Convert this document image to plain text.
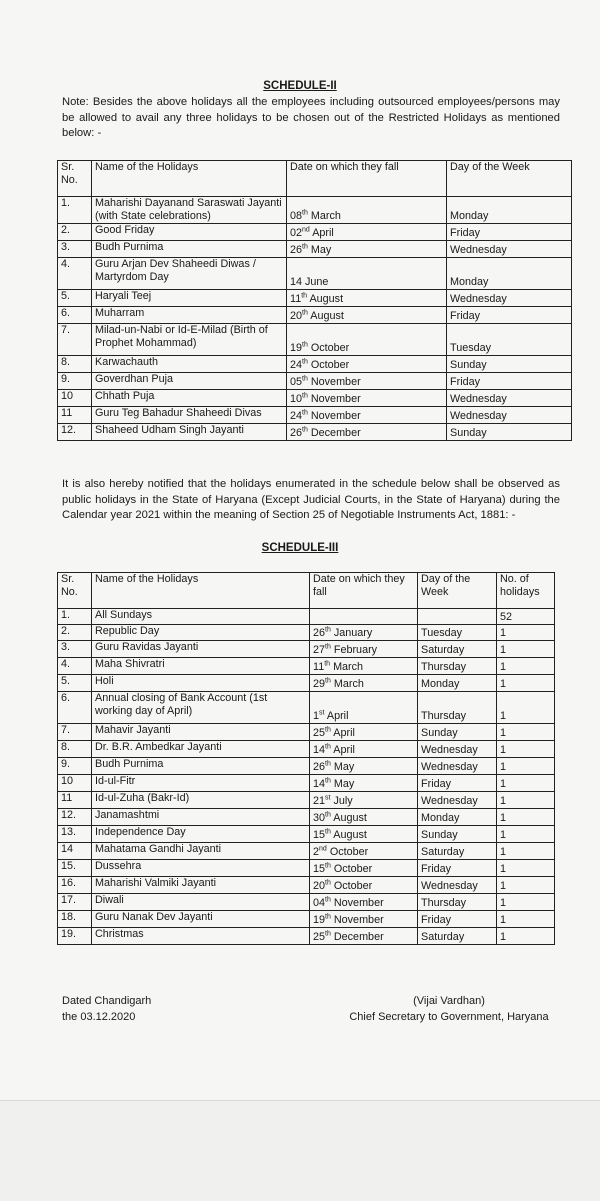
SCHEDULE-II
Note: Besides the above holidays all the employees including outsourced employees/persons may be allowed to avail any three holidays to be chosen out of the Restricted Holidays as mentioned below: -
Sr. No.	Name of the Holidays	Date on which they fall	Day of the Week
1.	Maharishi Dayanand Saraswati Jayanti (with State celebrations)	08th March	Monday
2.	Good Friday	02nd April	Friday
3.	Budh Purnima	26th May	Wednesday
4.	Guru Arjan Dev Shaheedi Diwas / Martyrdom Day	14 June	Monday
5.	Haryali Teej	11th August	Wednesday
6.	Muharram	20th August	Friday
7.	Milad-un-Nabi or Id-E-Milad (Birth of Prophet Mohammad)	19th October	Tuesday
8.	Karwachauth	24th October	Sunday
9.	Goverdhan Puja	05th November	Friday
10	Chhath Puja	10th November	Wednesday
11	Guru Teg Bahadur Shaheedi Divas	24th November	Wednesday
12.	Shaheed Udham Singh Jayanti	26th December	Sunday
It is also hereby notified that the holidays enumerated in the schedule below shall be observed as public holidays in the State of Haryana (Except Judicial Courts, in the State of Haryana) during the Calendar year 2021 within the meaning of Section 25 of Negotiable Instruments Act, 1881: -
SCHEDULE-III
Sr. No.	Name of the Holidays	Date on which they fall	Day of the Week	No. of holidays
1.	All Sundays			52
2.	Republic Day	26th January	Tuesday	1
3.	Guru Ravidas Jayanti	27th February	Saturday	1
4.	Maha Shivratri	11th March	Thursday	1
5.	Holi	29th March	Monday	1
6.	Annual closing of Bank Account (1st working day of April)	1st April	Thursday	1
7.	Mahavir Jayanti	25th April	Sunday	1
8.	Dr. B.R. Ambedkar Jayanti	14th April	Wednesday	1
9.	Budh Purnima	26th May	Wednesday	1
10	Id-ul-Fitr	14th May	Friday	1
11	Id-ul-Zuha (Bakr-Id)	21st July	Wednesday	1
12.	Janamashtmi	30th August	Monday	1
13.	Independence Day	15th August	Sunday	1
14	Mahatama Gandhi Jayanti	2nd October	Saturday	1
15.	Dussehra	15th October	Friday	1
16.	Maharishi Valmiki Jayanti	20th October	Wednesday	1
17.	Diwali	04th November	Thursday	1
18.	Guru Nanak Dev Jayanti	19th November	Friday	1
19.	Christmas	25th December	Saturday	1
Dated Chandigarh
the 03.12.2020
(Vijai Vardhan)
Chief Secretary to Government, Haryana
